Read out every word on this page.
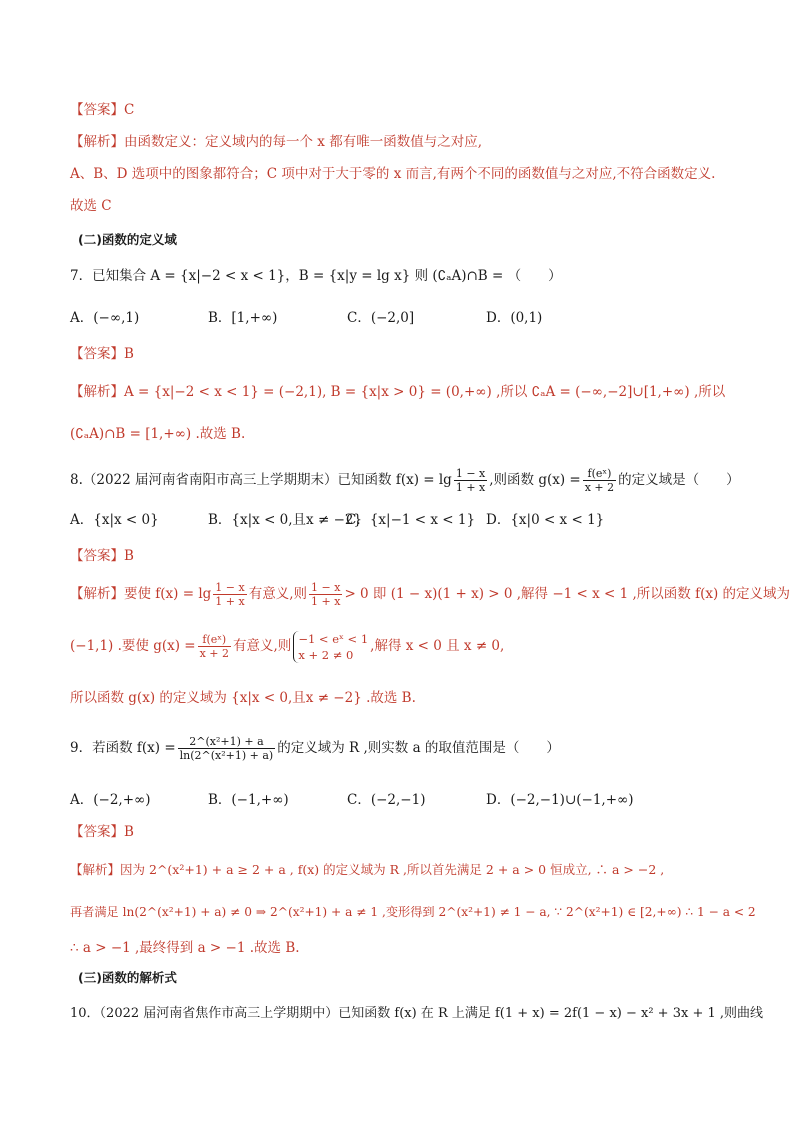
【答案】C
【解析】由函数定义：定义域内的每一个 x 都有唯一函数值与之对应,
A、B、D 选项中的图象都符合；C 项中对于大于零的 x 而言,有两个不同的函数值与之对应,不符合函数定义.
故选 C
(二)函数的定义域
7．已知集合 A = {x|−2 < x < 1}，B = {x|y = lg x} 则 (∁ₐA)∩B = （　　）
A．(−∞,1)	B．[1,+∞)	C．(−2,0]	D．(0,1)
【答案】B
【解析】A = {x|−2 < x < 1} = (−2,1), B = {x|x > 0} = (0,+∞) ,所以 ∁ₐA = (−∞,−2]∪[1,+∞) ,所以
(∁ₐA)∩B = [1,+∞) .故选 B.
8.（2022 届河南省南阳市高三上学期期末）已知函数 $f(x) = \lg \frac{1 - x}{1 + x}$ ,则函数 $g(x) = \frac{\text{f(eˣ)}}{x + 2}$ 的定义域是（　　）
A．{x|x < 0}	B．{x|x < 0,且x ≠ −2}
C．{x|−1 < x < 1} D．{x|0 < x < 1}
【答案】B
【解析】要使 $f(x) = \lg \frac{1 - x}{1 + x}$ 有意义,则 $\frac{1 - x}{1 + x} > 0$ 即 (1 − x)(1 + x) > 0 ,解得 −1 < x < 1 ,所以函数 f(x) 的定义域为
(−1,1) .要使 $g(x) = \frac{\text{f(eˣ)}}{x + 2}$ 有意义,则 −1 < eˣ < 1
x + 2 ≠ 0
,解得 x < 0 且 x ≠ 0,
所以函数 g(x) 的定义域为 {x|x < 0,且x ≠ −2} .故选 B.
9．若函数 $f(x) = \frac{\text{2\textasciicircum{}(x²+1) + a}}{\text{ln(2\textasciicircum{}(x²+1) + a)}}$ 的定义域为 R ,则实数 a 的取值范围是（　　）
A．(−2,+∞)	B．(−1,+∞)	C．(−2,−1)	D．(−2,−1)∪(−1,+∞)
【答案】B
【解析】因为 2^(x²+1) + a ≥ 2 + a , f(x) 的定义域为 R ,所以首先满足 2 + a > 0 恒成立, ∴ a > −2 ,
再者满足 ln(2^(x²+1) + a) ≠ 0 ⇒ 2^(x²+1) + a ≠ 1 ,变形得到 2^(x²+1) ≠ 1 − a, ∵ 2^(x²+1) ∈ [2,+∞) ∴ 1 − a < 2
∴ a > −1 ,最终得到 a > −1 .故选 B.
(三)函数的解析式
10．（2022 届河南省焦作市高三上学期期中）已知函数 f(x) 在 R 上满足 f(1 + x) = 2f(1 − x) − x² + 3x + 1 ,则曲线
